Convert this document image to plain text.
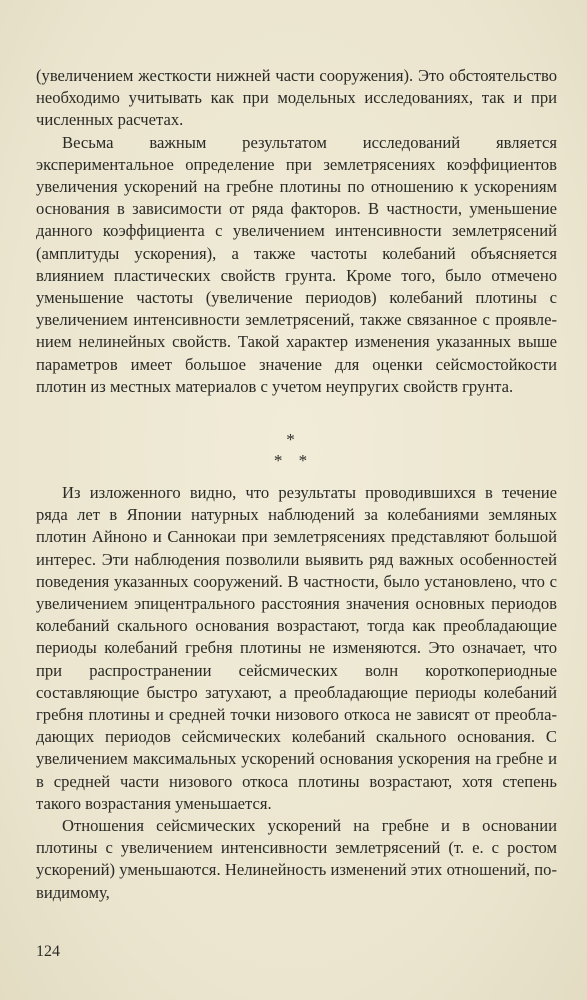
(увеличением жесткости нижней части сооружения). Это обстоятельство необходимо учитывать как при модельных исследованиях, так и при численных расчетах.

Весьма важным результатом исследований является экспериментальное определение при землетрясениях коэффициентов увеличения ускорений на гребне плотины по отношению к ускорениям основания в зависимости от ряда факторов. В частности, уменьшение данного коэффициента с увеличением интенсивности землетрясений (амплитуды ускорения), а также частоты колебаний объясняется влиянием пластических свойств грунта. Кроме того, было отмечено уменьшение частоты (увеличение периодов) колебаний плотины с увеличением интенсивности землетрясений, также связанное с проявлением нелинейных свойств. Такой характер изменения указанных выше параметров имеет большое значение для оценки сейсмостойкости плотин из местных материалов с учетом неупругих свойств грунта.

*
* *

Из изложенного видно, что результаты проводившихся в течение ряда лет в Японии натурных наблюдений за колебаниями земляных плотин Айноно и Саннокаи при землетрясениях представляют большой интерес. Эти наблюдения позволили выявить ряд важных особенностей поведения указанных сооружений. В частности, было установлено, что с увеличением эпицентрального расстояния значения основных периодов колебаний скального основания возрастают, тогда как преобладающие периоды колебаний гребня плотины не изменяются. Это означает, что при распространении сейсмических волн короткопериодные составляющие быстро затухают, а преобладающие периоды колебаний гребня плотины и средней точки низового откоса не зависят от преобладающих периодов сейсмических колебаний скального основания. С увеличением максимальных ускорений основания ускорения на гребне и в средней части низового откоса плотины возрастают, хотя степень такого возрастания уменьшается.

Отношения сейсмических ускорений на гребне и в основании плотины с увеличением интенсивности землетрясений (т. е. с ростом ускорений) уменьшаются. Нелинейность изменений этих отношений, по-видимому,

124
